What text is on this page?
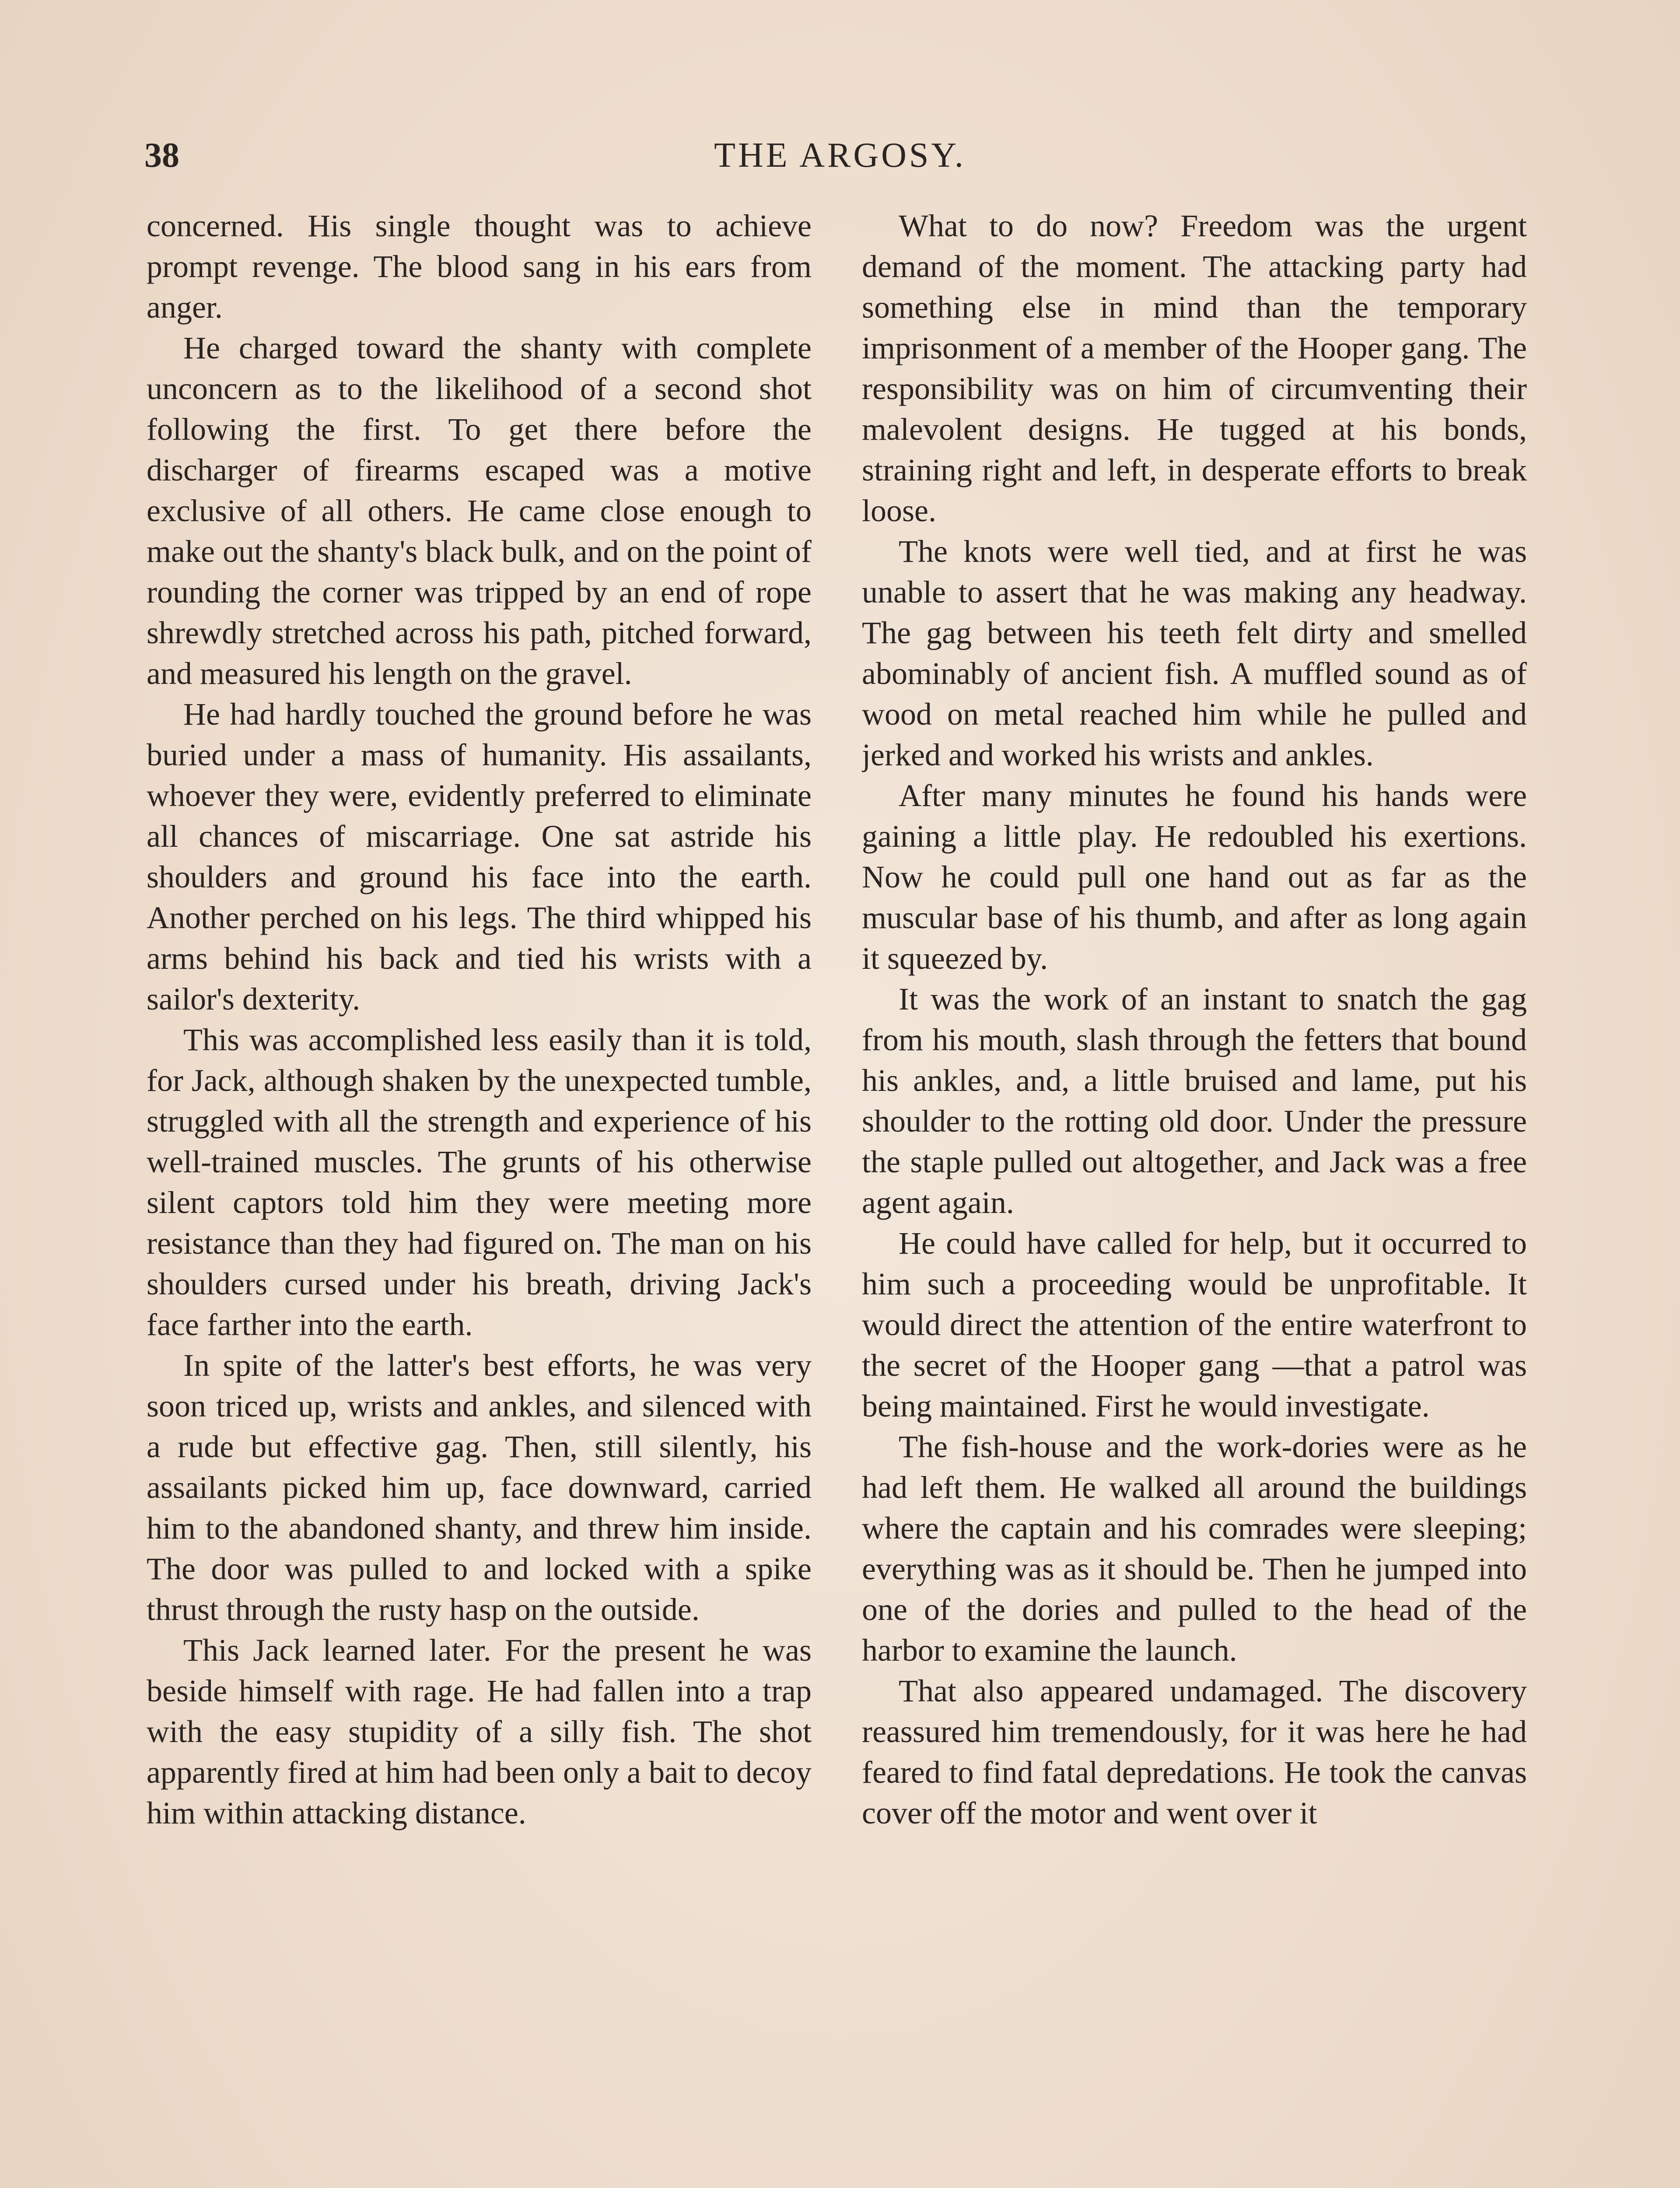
38	THE ARGOSY.

concerned. His single thought was to achieve prompt revenge. The blood sang in his ears from anger.

He charged toward the shanty with complete unconcern as to the likelihood of a second shot following the first. To get there before the discharger of firearms escaped was a motive exclusive of all others. He came close enough to make out the shanty's black bulk, and on the point of rounding the corner was tripped by an end of rope shrewdly stretched across his path, pitched forward, and measured his length on the gravel.

He had hardly touched the ground before he was buried under a mass of humanity. His assailants, whoever they were, evidently preferred to eliminate all chances of miscarriage. One sat astride his shoulders and ground his face into the earth. Another perched on his legs. The third whipped his arms behind his back and tied his wrists with a sailor's dexterity.

This was accomplished less easily than it is told, for Jack, although shaken by the unexpected tumble, struggled with all the strength and experience of his well-trained muscles. The grunts of his otherwise silent captors told him they were meeting more resistance than they had figured on. The man on his shoulders cursed under his breath, driving Jack's face farther into the earth.

In spite of the latter's best efforts, he was very soon triced up, wrists and ankles, and silenced with a rude but effective gag. Then, still silently, his assailants picked him up, face downward, carried him to the abandoned shanty, and threw him inside. The door was pulled to and locked with a spike thrust through the rusty hasp on the outside.

This Jack learned later. For the present he was beside himself with rage. He had fallen into a trap with the easy stupidity of a silly fish. The shot apparently fired at him had been only a bait to decoy him within attacking distance.

What to do now? Freedom was the urgent demand of the moment. The attacking party had something else in mind than the temporary imprisonment of a member of the Hooper gang. The responsibility was on him of circumventing their malevolent designs. He tugged at his bonds, straining right and left, in desperate efforts to break loose.

The knots were well tied, and at first he was unable to assert that he was making any headway. The gag between his teeth felt dirty and smelled abominably of ancient fish. A muffled sound as of wood on metal reached him while he pulled and jerked and worked his wrists and ankles.

After many minutes he found his hands were gaining a little play. He redoubled his exertions. Now he could pull one hand out as far as the muscular base of his thumb, and after as long again it squeezed by.

It was the work of an instant to snatch the gag from his mouth, slash through the fetters that bound his ankles, and, a little bruised and lame, put his shoulder to the rotting old door. Under the pressure the staple pulled out altogether, and Jack was a free agent again.

He could have called for help, but it occurred to him such a proceeding would be unprofitable. It would direct the attention of the entire waterfront to the secret of the Hooper gang —that a patrol was being maintained. First he would investigate.

The fish-house and the work-dories were as he had left them. He walked all around the buildings where the captain and his comrades were sleeping; everything was as it should be. Then he jumped into one of the dories and pulled to the head of the harbor to examine the launch.

That also appeared undamaged. The discovery reassured him tremendously, for it was here he had feared to find fatal depredations. He took the canvas cover off the motor and went over it
